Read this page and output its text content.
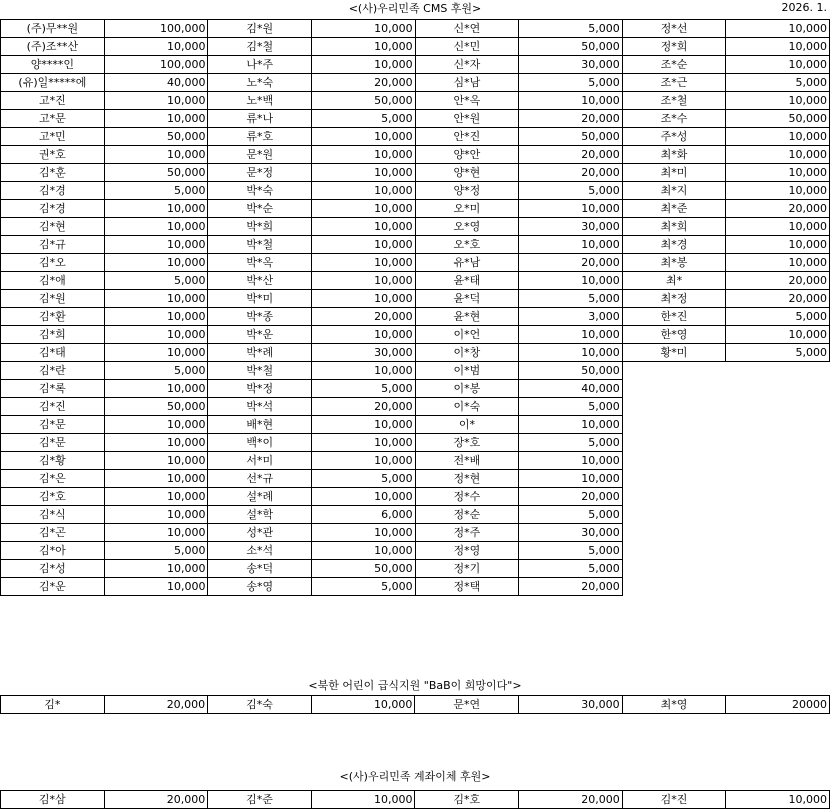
<(사)우리민족 CMS 후원>	2026. 1.
(주)무**원	100,000	김*원	10,000	신*연	5,000	정*선	10,000
(주)조**산	10,000	김*철	10,000	신*민	50,000	정*희	10,000
양****인	100,000	나*주	10,000	신*자	30,000	조*순	10,000
(유)일*****에	40,000	노*숙	20,000	심*남	5,000	조*근	5,000
고*진	10,000	노*백	50,000	안*옥	10,000	조*철	10,000
고*문	10,000	류*나	5,000	안*원	20,000	조*수	50,000
고*민	50,000	류*호	10,000	안*진	50,000	주*성	10,000
권*호	10,000	문*원	10,000	양*안	20,000	최*화	10,000
김*훈	50,000	문*정	10,000	양*현	20,000	최*미	10,000
김*경	5,000	박*숙	10,000	양*정	5,000	최*지	10,000
김*경	10,000	박*순	10,000	오*미	10,000	최*준	20,000
김*현	10,000	박*희	10,000	오*영	30,000	최*희	10,000
김*규	10,000	박*철	10,000	오*호	10,000	최*경	10,000
김*오	10,000	박*옥	10,000	유*남	20,000	최*봉	10,000
김*애	5,000	박*산	10,000	윤*태	10,000	최*	20,000
김*원	10,000	박*미	10,000	윤*덕	5,000	최*정	20,000
김*환	10,000	박*종	20,000	윤*현	3,000	한*진	5,000
김*희	10,000	박*운	10,000	이*언	10,000	한*영	10,000
김*태	10,000	박*례	30,000	이*창	10,000	황*미	5,000
김*란	5,000	박*철	10,000	이*범	50,000		
김*록	10,000	박*정	5,000	이*봉	40,000		
김*진	50,000	박*석	20,000	이*숙	5,000		
김*문	10,000	배*현	10,000	이*	10,000		
김*문	10,000	백*이	10,000	장*호	5,000		
김*황	10,000	서*미	10,000	전*배	10,000		
김*은	10,000	선*규	5,000	정*현	10,000		
김*호	10,000	설*례	10,000	정*수	20,000		
김*식	10,000	설*학	6,000	정*순	5,000		
김*곤	10,000	성*관	10,000	정*주	30,000		
김*아	5,000	소*석	10,000	정*영	5,000		
김*성	10,000	송*덕	50,000	정*기	5,000		
김*운	10,000	송*영	5,000	정*택	20,000		
<북한 어린이 급식지원 "BaB이 희망이다">
김*	20,000	김*숙	10,000	문*연	30,000	최*영	20000
<(사)우리민족 계좌이체 후원>
김*삼	20,000	김*준	10,000	김*호	20,000	김*진	10,000
